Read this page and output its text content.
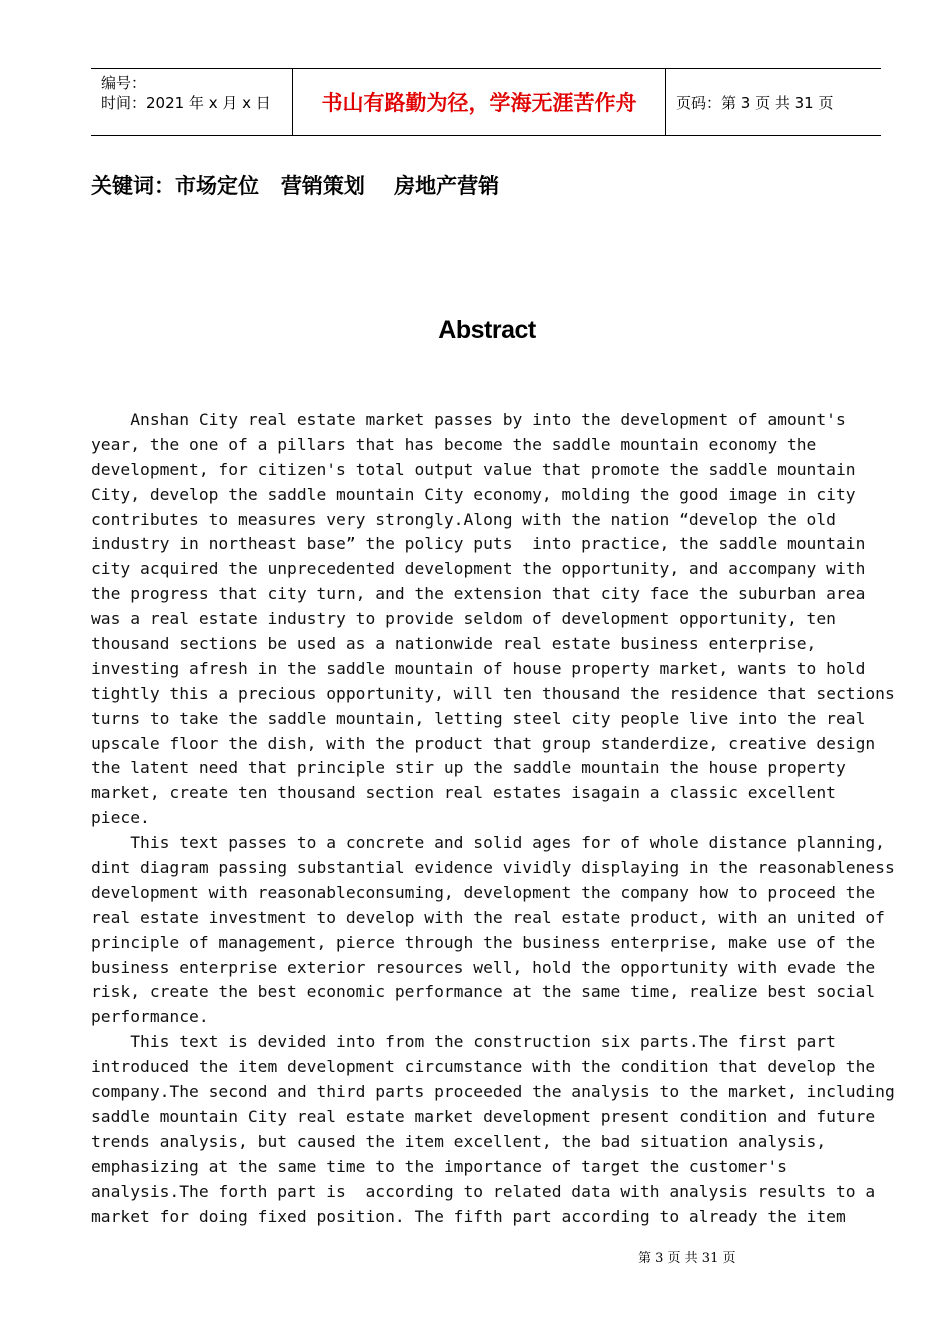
编号：
时间：2021 年 x 月 x 日	书山有路勤为径，学海无涯苦作舟	页码：第 3 页 共 31 页
关键词：市场定位   营销策划    房地产营销
Abstract
Anshan City real estate market passes by into the development of amount's
year, the one of a pillars that has become the saddle mountain economy the
development, for citizen's total output value that promote the saddle mountain
City, develop the saddle mountain City economy, molding the good image in city
contributes to measures very strongly.Along with the nation “develop the old
industry in northeast base” the policy puts  into practice, the saddle mountain
city acquired the unprecedented development the opportunity, and accompany with
the progress that city turn, and the extension that city face the suburban area
was a real estate industry to provide seldom of development opportunity, ten
thousand sections be used as a nationwide real estate business enterprise,
investing afresh in the saddle mountain of house property market, wants to hold
tightly this a precious opportunity, will ten thousand the residence that sections
turns to take the saddle mountain, letting steel city people live into the real
upscale floor the dish, with the product that group standerdize, creative design
the latent need that principle stir up the saddle mountain the house property
market, create ten thousand section real estates isagain a classic excellent
piece.
This text passes to a concrete and solid ages for of whole distance planning,
dint diagram passing substantial evidence vividly displaying in the reasonableness
development with reasonableconsuming, development the company how to proceed the
real estate investment to develop with the real estate product, with an united of
principle of management, pierce through the business enterprise, make use of the
business enterprise exterior resources well, hold the opportunity with evade the
risk, create the best economic performance at the same time, realize best social
performance.
This text is devided into from the construction six parts.The first part
introduced the item development circumstance with the condition that develop the
company.The second and third parts proceeded the analysis to the market, including
saddle mountain City real estate market development present condition and future
trends analysis, but caused the item excellent, the bad situation analysis,
emphasizing at the same time to the importance of target the customer's
analysis.The forth part is  according to related data with analysis results to a
market for doing fixed position. The fifth part according to already the item
第 3 页 共 31 页
